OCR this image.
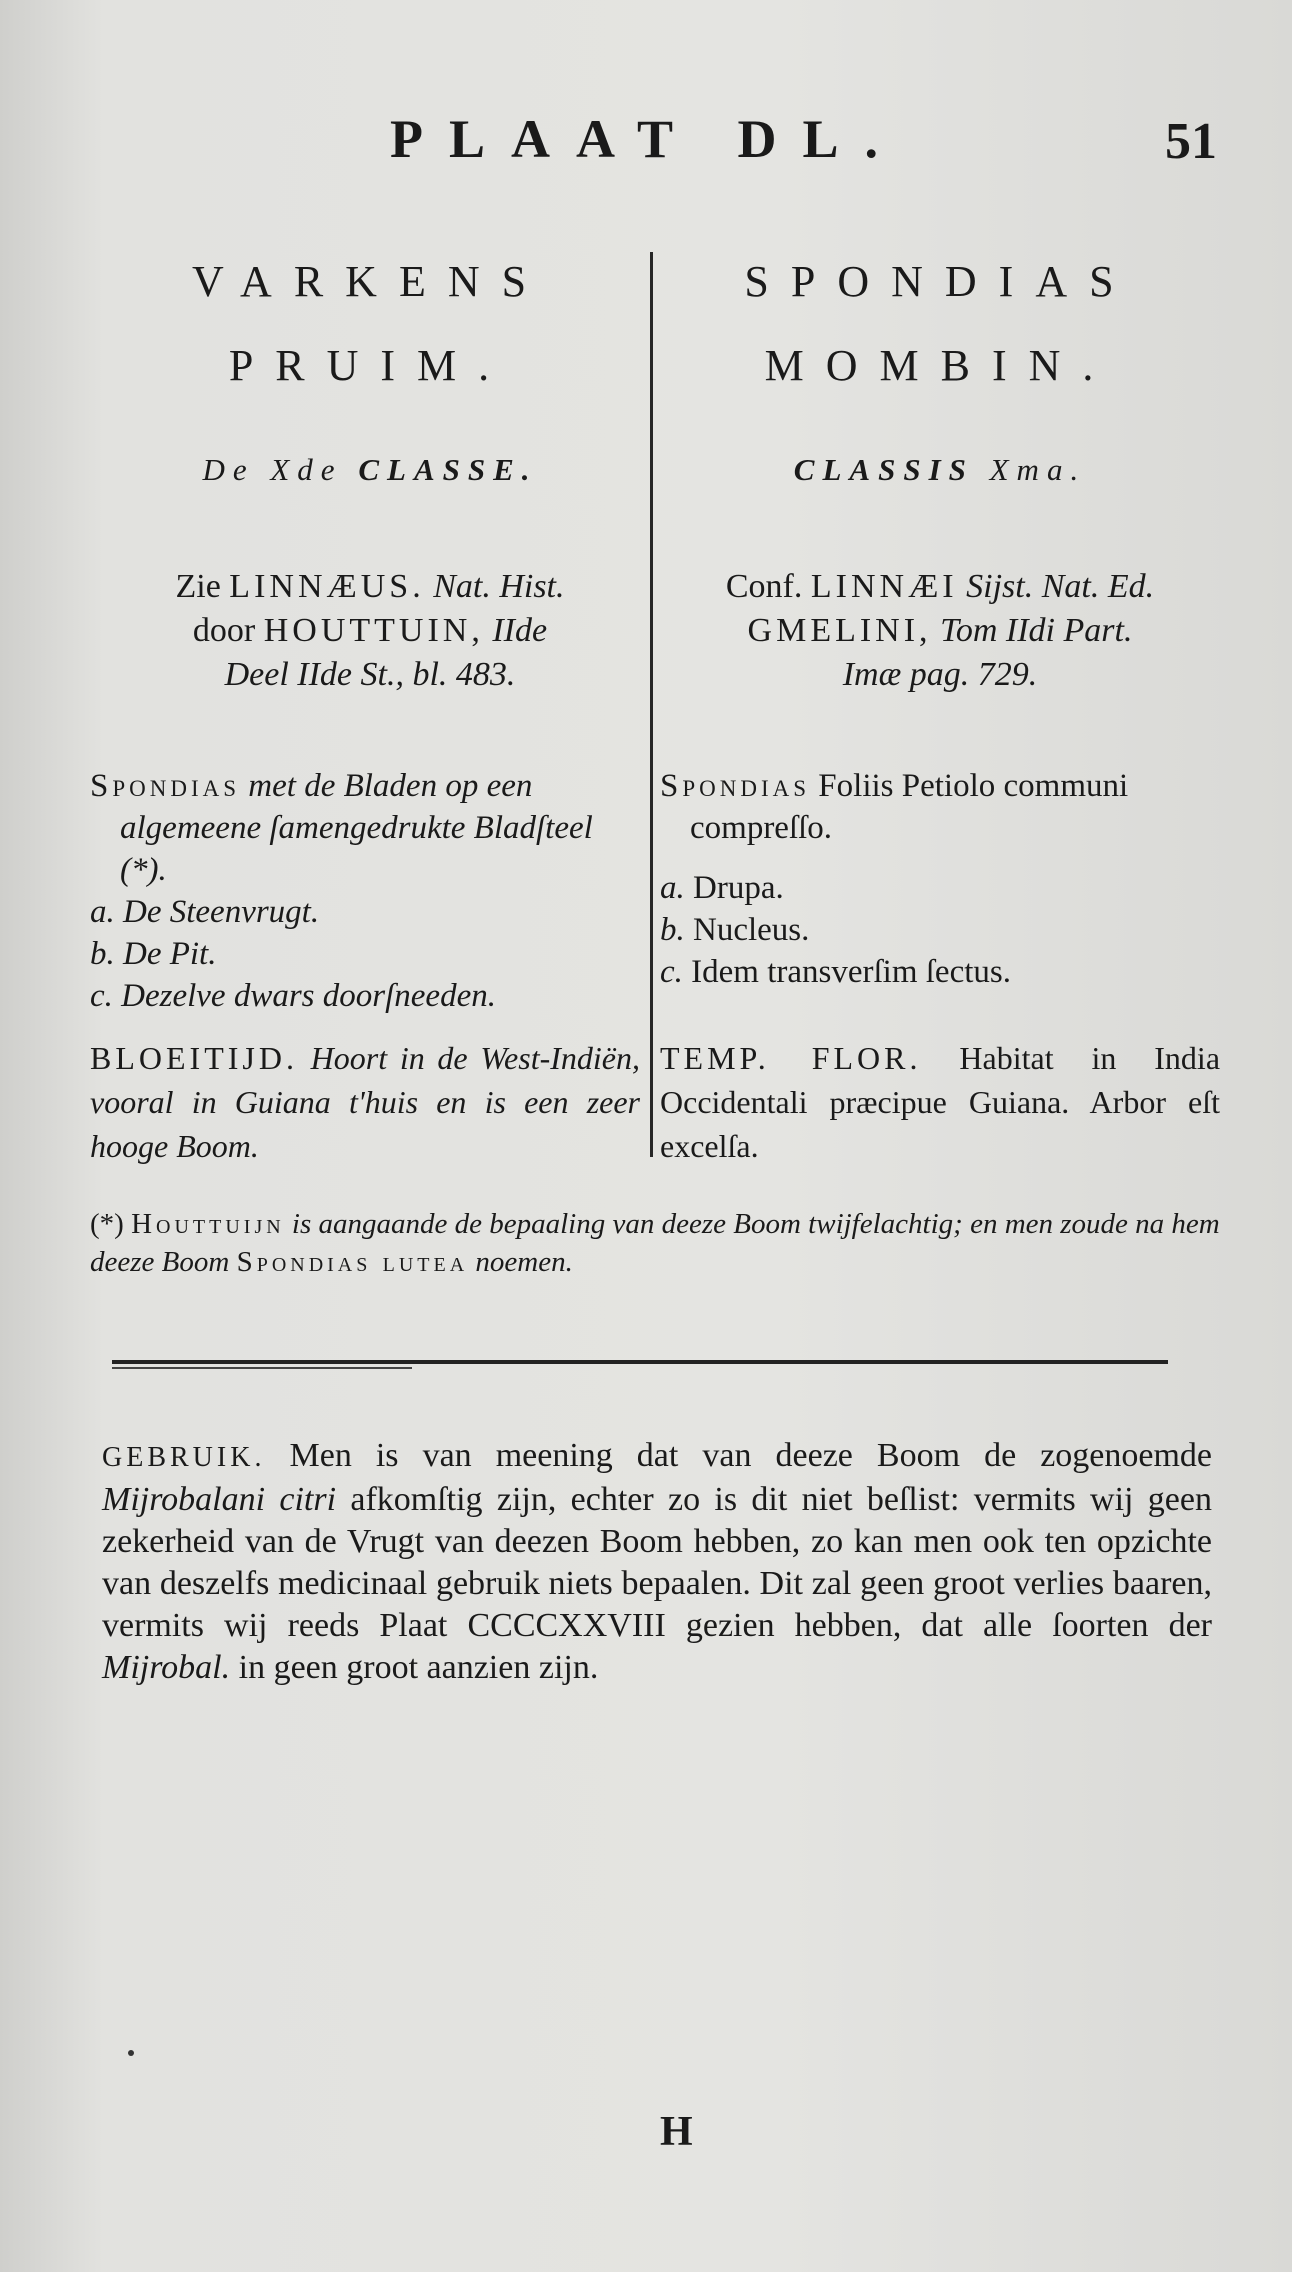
PLAAT DL.	51
VARKENS
PRUIM.
De Xde CLASSE.
Zie LINNÆUS. Nat. Hist.
door HOUTTUIN, IIde
Deel IIde St., bl. 483.
Spondias met de Bladen op een algemeene ſamengedrukte Bladſteel (*).
a. De Steenvrugt.
b. De Pit.
c. Dezelve dwars doorſneeden.
BLOEITIJD. Hoort in de West-Indiën, vooral in Guiana t'huis en is een zeer hooge Boom.
SPONDIAS
MOMBIN.
CLASSIS Xma.
Conf. LINNÆI Sijst. Nat. Ed.
GMELINI, Tom IIdi Part.
Imæ pag. 729.
Spondias Foliis Petiolo communi compreſſo.
a. Drupa.
b. Nucleus.
c. Idem transverſim ſectus.
TEMP. FLOR. Habitat in India Occidentali præcipue Guiana. Arbor eſt excelſa.
(*) Houttuijn is aangaande de bepaaling van deeze Boom twijfelachtig; en men zoude na hem deeze Boom Spondias lutea noemen.
GEBRUIK. Men is van meening dat van deeze Boom de zogenoemde Mijrobalani citri afkomſtig zijn, echter zo is dit niet beſlist: vermits wij geen zekerheid van de Vrugt van deezen Boom hebben, zo kan men ook ten opzichte van deszelfs medicinaal gebruik niets bepaalen. Dit zal geen groot verlies baaren, vermits wij reeds Plaat CCCCXXVIII gezien hebben, dat alle ſoorten der Mijrobal. in geen groot aanzien zijn.
H
